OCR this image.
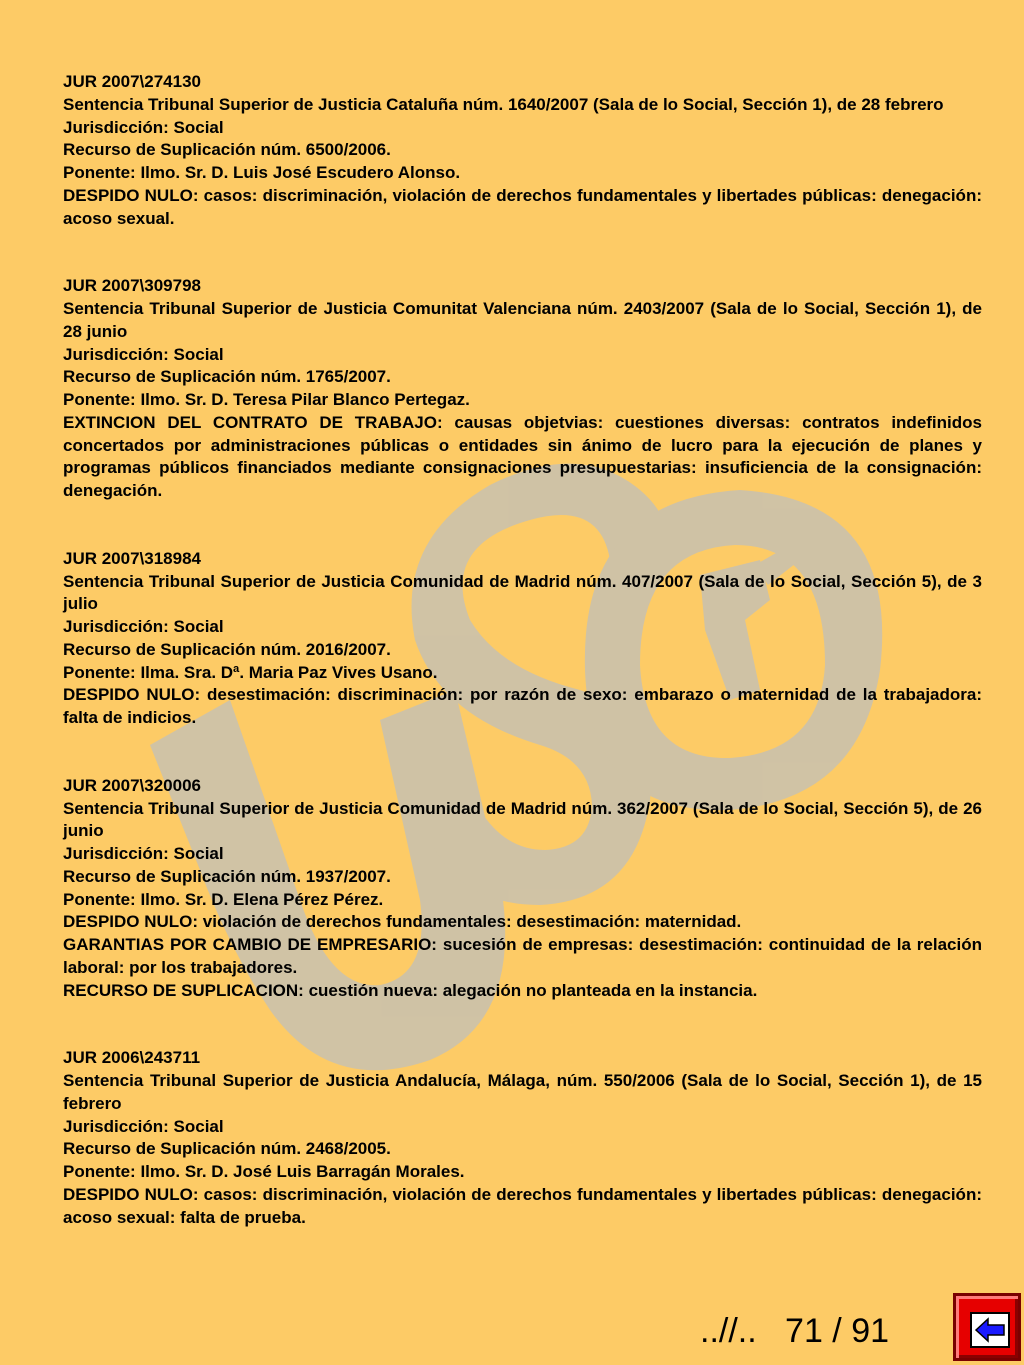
JUR 2007\274130
Sentencia Tribunal Superior de Justicia Cataluña núm. 1640/2007 (Sala de lo Social, Sección 1), de 28 febrero
Jurisdicción: Social
Recurso de Suplicación núm. 6500/2006.
Ponente: Ilmo. Sr. D. Luis José Escudero Alonso.
DESPIDO NULO: casos: discriminación, violación de derechos fundamentales y libertades públicas: denegación: acoso sexual.
JUR 2007\309798
Sentencia Tribunal Superior de Justicia Comunitat Valenciana núm. 2403/2007 (Sala de lo Social, Sección 1), de 28 junio
Jurisdicción: Social
Recurso de Suplicación núm. 1765/2007.
Ponente: Ilmo. Sr. D. Teresa Pilar Blanco Pertegaz.
EXTINCION DEL CONTRATO DE TRABAJO: causas objetvias: cuestiones diversas: contratos indefinidos concertados por administraciones públicas o entidades sin ánimo de lucro para la ejecución de planes y programas públicos financiados mediante consignaciones presupuestarias: insuficiencia de la consignación: denegación.
JUR 2007\318984
Sentencia Tribunal Superior de Justicia Comunidad de Madrid núm. 407/2007 (Sala de lo Social, Sección 5), de 3 julio
Jurisdicción: Social
Recurso de Suplicación núm. 2016/2007.
Ponente: Ilma. Sra. Dª. Maria Paz Vives Usano.
DESPIDO NULO: desestimación: discriminación: por razón de sexo: embarazo o maternidad de la trabajadora: falta de indicios.
JUR 2007\320006
Sentencia Tribunal Superior de Justicia Comunidad de Madrid núm. 362/2007 (Sala de lo Social, Sección 5), de 26 junio
Jurisdicción: Social
Recurso de Suplicación núm. 1937/2007.
Ponente: Ilmo. Sr. D. Elena Pérez Pérez.
DESPIDO NULO: violación de derechos fundamentales: desestimación: maternidad.
GARANTIAS POR CAMBIO DE EMPRESARIO: sucesión de empresas: desestimación: continuidad de la relación laboral: por los trabajadores.
RECURSO DE SUPLICACION: cuestión nueva: alegación no planteada en la instancia.
JUR 2006\243711
Sentencia Tribunal Superior de Justicia Andalucía, Málaga, núm. 550/2006 (Sala de lo Social, Sección 1), de 15 febrero
Jurisdicción: Social
Recurso de Suplicación núm. 2468/2005.
Ponente: Ilmo. Sr. D. José Luis Barragán Morales.
DESPIDO NULO: casos: discriminación, violación de derechos fundamentales y libertades públicas: denegación: acoso sexual: falta de prueba.
..//.. 71 / 91
